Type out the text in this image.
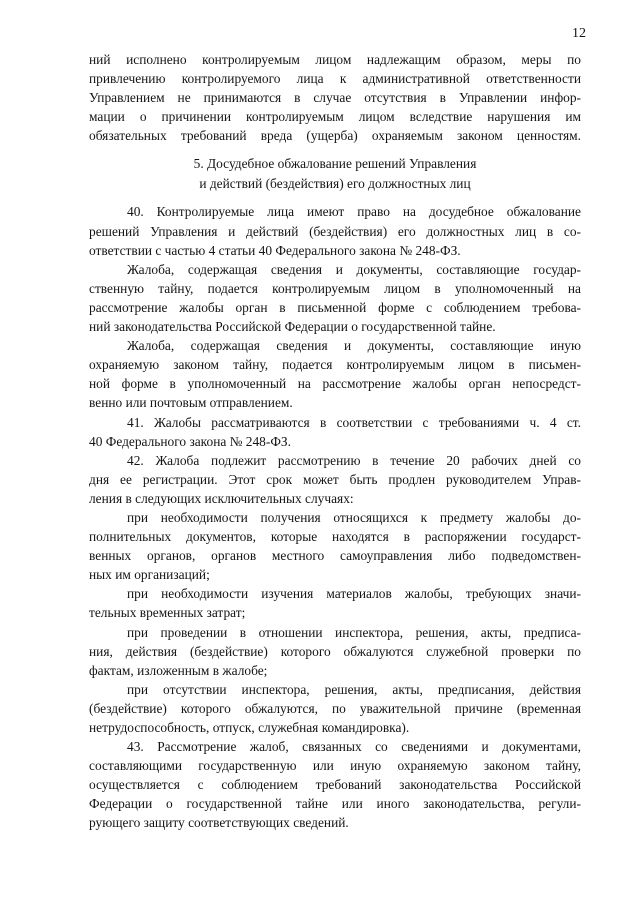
12
ний исполнено контролируемым лицом надлежащим образом, меры по
привлечению контролируемого лица к административной ответственности
Управлением не принимаются в случае отсутствия в Управлении инфор-
мации о причинении контролируемым лицом вследствие нарушения им
обязательных требований вреда (ущерба) охраняемым законом ценностям.
5. Досудебное обжалование решений Управления
и действий (бездействия) его должностных лиц
40. Контролируемые лица имеют право на досудебное обжалование
решений Управления и действий (бездействия) его должностных лиц в со-
ответствии с частью 4 статьи 40 Федерального закона № 248-ФЗ.
Жалоба, содержащая сведения и документы, составляющие государ-
ственную тайну, подается контролируемым лицом в уполномоченный на
рассмотрение жалобы орган в письменной форме с соблюдением требова-
ний законодательства Российской Федерации о государственной тайне.
Жалоба, содержащая сведения и документы, составляющие иную
охраняемую законом тайну, подается контролируемым лицом в письмен-
ной форме в уполномоченный на рассмотрение жалобы орган непосредст-
венно или почтовым отправлением.
41. Жалобы рассматриваются в соответствии с требованиями ч. 4 ст.
40 Федерального закона № 248-ФЗ.
42. Жалоба подлежит рассмотрению в течение 20 рабочих дней со
дня ее регистрации. Этот срок может быть продлен руководителем Управ-
ления в следующих исключительных случаях:
при необходимости получения относящихся к предмету жалобы до-
полнительных документов, которые находятся в распоряжении государст-
венных органов, органов местного самоуправления либо подведомствен-
ных им организаций;
при необходимости изучения материалов жалобы, требующих значи-
тельных временных затрат;
при проведении в отношении инспектора, решения, акты, предписа-
ния, действия (бездействие) которого обжалуются служебной проверки по
фактам, изложенным в жалобе;
при отсутствии инспектора, решения, акты, предписания, действия
(бездействие) которого обжалуются, по уважительной причине (временная
нетрудоспособность, отпуск, служебная командировка).
43. Рассмотрение жалоб, связанных со сведениями и документами,
составляющими государственную или иную охраняемую законом тайну,
осуществляется с соблюдением требований законодательства Российской
Федерации о государственной тайне или иного законодательства, регули-
рующего защиту соответствующих сведений.
